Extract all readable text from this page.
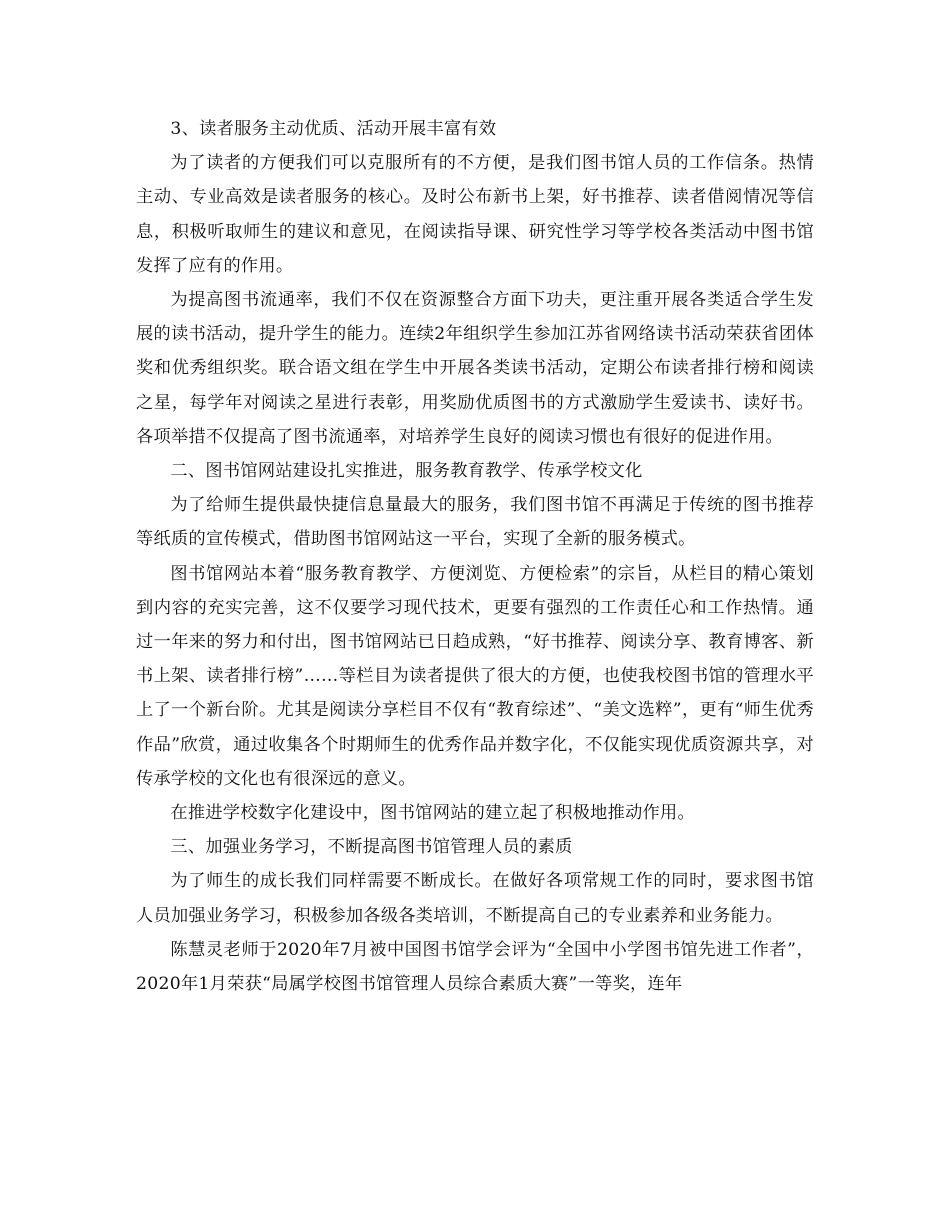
3、读者服务主动优质、活动开展丰富有效

为了读者的方便我们可以克服所有的不方便，是我们图书馆人员的工作信条。热情主动、专业高效是读者服务的核心。及时公布新书上架，好书推荐、读者借阅情况等信息，积极听取师生的建议和意见，在阅读指导课、研究性学习等学校各类活动中图书馆发挥了应有的作用。

为提高图书流通率，我们不仅在资源整合方面下功夫，更注重开展各类适合学生发展的读书活动，提升学生的能力。连续2年组织学生参加江苏省网络读书活动荣获省团体奖和优秀组织奖。联合语文组在学生中开展各类读书活动，定期公布读者排行榜和阅读之星，每学年对阅读之星进行表彰，用奖励优质图书的方式激励学生爱读书、读好书。各项举措不仅提高了图书流通率，对培养学生良好的阅读习惯也有很好的促进作用。

二、图书馆网站建设扎实推进，服务教育教学、传承学校文化

为了给师生提供最快捷信息量最大的服务，我们图书馆不再满足于传统的图书推荐等纸质的宣传模式，借助图书馆网站这一平台，实现了全新的服务模式。

图书馆网站本着“服务教育教学、方便浏览、方便检索”的宗旨，从栏目的精心策划到内容的充实完善，这不仅要学习现代技术，更要有强烈的工作责任心和工作热情。通过一年来的努力和付出，图书馆网站已日趋成熟，“好书推荐、阅读分享、教育博客、新书上架、读者排行榜”……等栏目为读者提供了很大的方便，也使我校图书馆的管理水平上了一个新台阶。尤其是阅读分享栏目不仅有“教育综述”、“美文选粹”，更有“师生优秀作品”欣赏，通过收集各个时期师生的优秀作品并数字化，不仅能实现优质资源共享，对传承学校的文化也有很深远的意义。

在推进学校数字化建设中，图书馆网站的建立起了积极地推动作用。

三、加强业务学习，不断提高图书馆管理人员的素质

为了师生的成长我们同样需要不断成长。在做好各项常规工作的同时，要求图书馆人员加强业务学习，积极参加各级各类培训，不断提高自己的专业素养和业务能力。

陈慧灵老师于2020年7月被中国图书馆学会评为“全国中小学图书馆先进工作者”，2020年1月荣获“局属学校图书馆管理人员综合素质大赛”一等奖，连年
